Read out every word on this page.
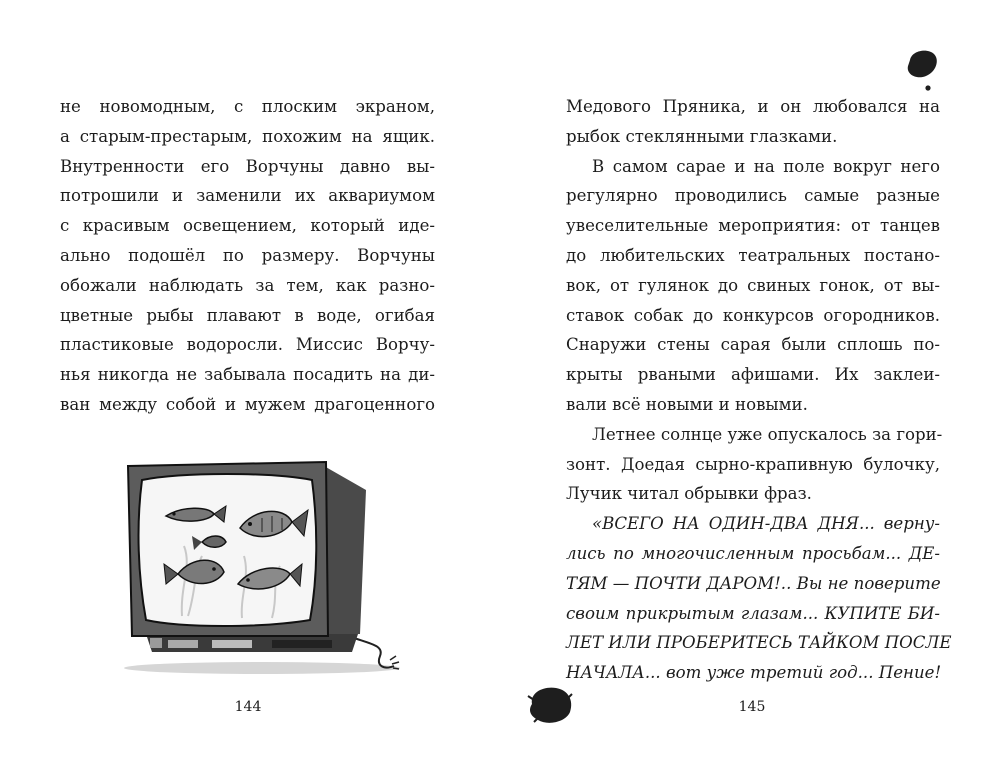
не новомодным, с плоским экраном,
а старым-престарым, похожим на ящик.
Внутренности его Ворчуны давно вы-
потрошили и заменили их аквариумом
с красивым освещением, который иде-
ально подошёл по размеру. Ворчуны
обожали наблюдать за тем, как разно-
цветные рыбы плавают в воде, огибая
пластиковые водоросли. Миссис Ворчу-
нья никогда не забывала посадить на ди-
ван между собой и мужем драгоценного
144
Медового Пряника, и он любовался на
рыбок стеклянными глазками.
В самом сарае и на поле вокруг него
регулярно проводились самые разные
увеселительные мероприятия: от танцев
до любительских театральных постано-
вок, от гулянок до свиных гонок, от вы-
ставок собак до конкурсов огородников.
Снаружи стены сарая были сплошь по-
крыты рваными афишами. Их заклеи-
вали всё новыми и новыми.
Летнее солнце уже опускалось за гори-
зонт. Доедая сырно-крапивную булочку,
Лучик читал обрывки фраз.
«ВСЕГО НА ОДИН-ДВА ДНЯ... верну-
лись по многочисленным просьбам... ДЕ-
ТЯМ — ПОЧТИ ДАРОМ!.. Вы не поверите
своим прикрытым глазам... КУПИТЕ БИ-
ЛЕТ ИЛИ ПРОБЕРИТЕСЬ ТАЙКОМ ПОСЛЕ
НАЧАЛА... вот уже третий год... Пение!
145
